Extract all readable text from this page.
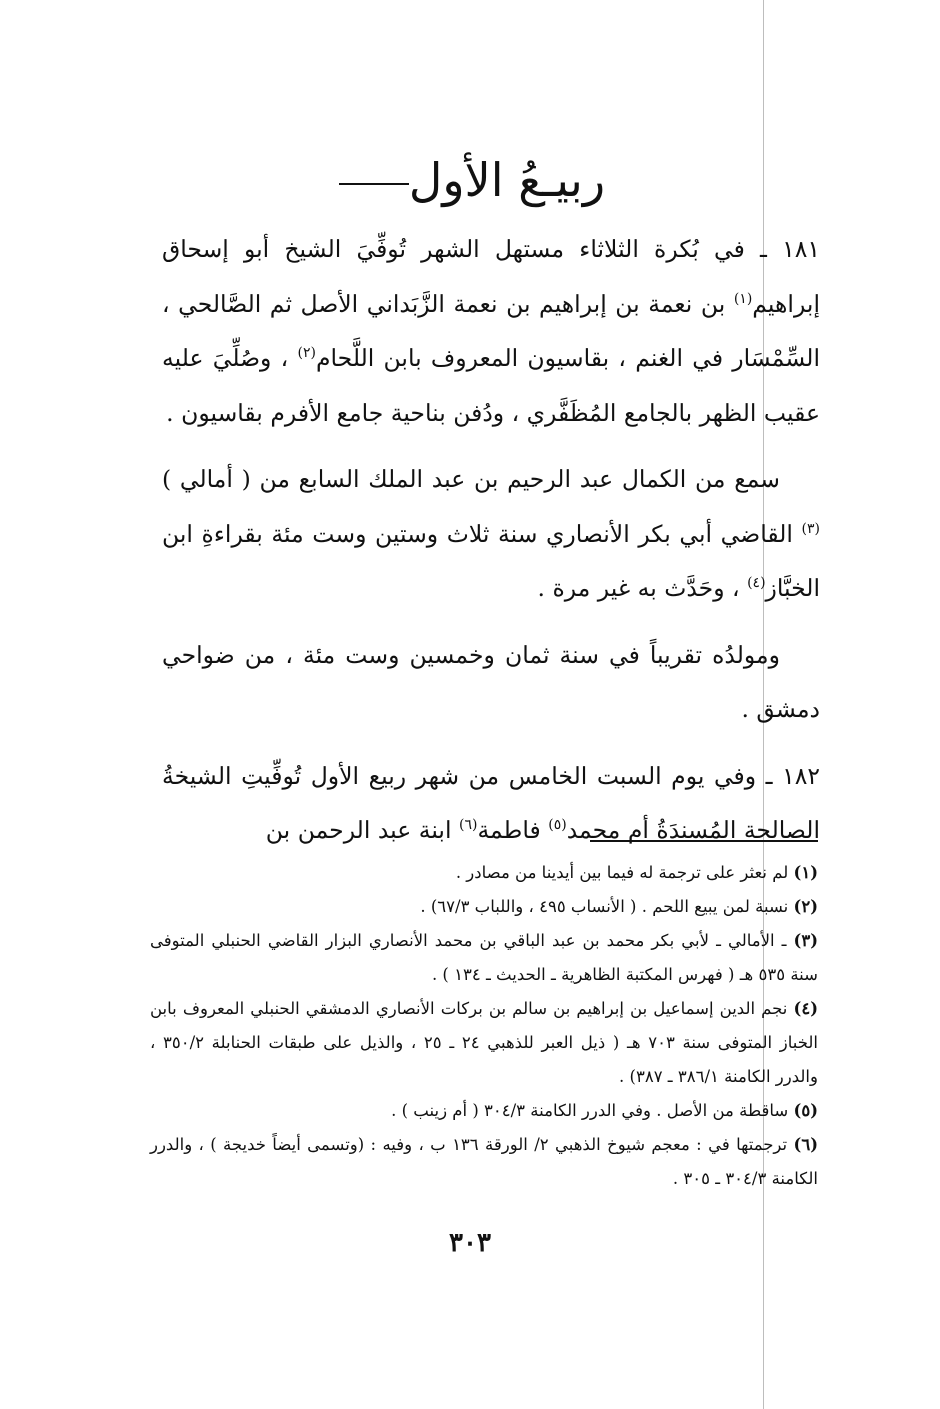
ربيـعُ الأول

١٨١ ـ في بُكرة الثلاثاء مستهل الشهر تُوفِّيَ الشيخ أبو إسحاق إبراهيم$^{(١)}$ بن نعمة بن إبراهيم بن نعمة الزَّبَداني الأصل ثم الصَّالحي ، السِّمْسَار في الغنم ، بقاسيون المعروف بابن اللَّحام$^{(٢)}$ ، وصُلِّيَ عليه عقيب الظهر بالجامع المُظَفَّري ، ودُفن بناحية جامع الأفرم بقاسيون .

سمع من الكمال عبد الرحيم بن عبد الملك السابع من ( أمالي )$^{(٣)}$ القاضي أبي بكر الأنصاري سنة ثلاث وستين وست مئة بقراءةِ ابن الخبَّاز$^{(٤)}$ ، وحَدَّث به غير مرة .

ومولدُه تقريباً في سنة ثمان وخمسين وست مئة ، من ضواحي دمشق .

١٨٢ ـ وفي يوم السبت الخامس من شهر ربيع الأول تُوفِّيتِ الشيخةُ الصالحة المُسندَةُ أم محمد$^{(٥)}$ فاطمة$^{(٦)}$ ابنة عبد الرحمن بن

(١) لم نعثر على ترجمة له فيما بين أيدينا من مصادر .

(٢) نسبة لمن يبيع اللحم . ( الأنساب ٤٩٥ ، واللباب ٦٧/٣) .

(٣) ـ الأمالي ـ لأبي بكر محمد بن عبد الباقي بن محمد الأنصاري البزار القاضي الحنبلي المتوفى سنة ٥٣٥ هـ ( فهرس المكتبة الظاهرية ـ الحديث ـ ١٣٤ ) .

(٤) نجم الدين إسماعيل بن إبراهيم بن سالم بن بركات الأنصاري الدمشقي الحنبلي المعروف بابن الخباز المتوفى سنة ٧٠٣ هـ ( ذيل العبر للذهبي ٢٤ ـ ٢٥ ، والذيل على طبقات الحنابلة ٣٥٠/٢ ، والدرر الكامنة ٣٨٦/١ ـ ٣٨٧) .

(٥) ساقطة من الأصل . وفي الدرر الكامنة ٣٠٤/٣ ( أم زينب ) .

(٦) ترجمتها في : معجم شيوخ الذهبي ٢/ الورقة ١٣٦ ب ، وفيه : (وتسمى أيضاً خديجة ) ، والدرر الكامنة ٣٠٤/٣ ـ ٣٠٥ .

٣٠٣
